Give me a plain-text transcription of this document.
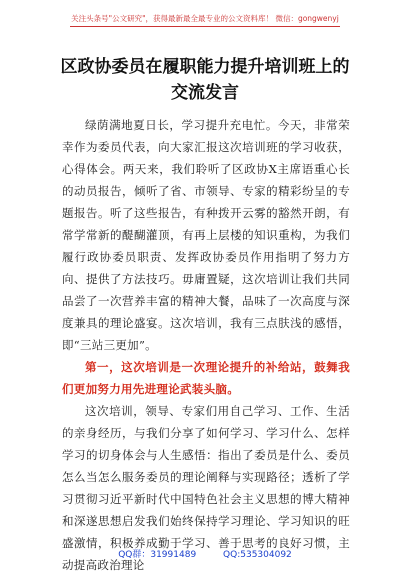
关注头条号"公文研究"，获得最新最全最专业的公文资料库！ 微信：gongwenyj
区政协委员在履职能力提升培训班上的交流发言

绿荫满地夏日长，学习提升充电忙。今天，非常荣幸作为委员代表，向大家汇报这次培训班的学习收获，心得体会。两天来，我们聆听了区政协X主席语重心长的动员报告，倾听了省、市领导、专家的精彩纷呈的专题报告。听了这些报告，有种拨开云雾的豁然开朗，有常学常新的醍醐灌顶，有再上层楼的知识重构，为我们履行政协委员职责、发挥政协委员作用指明了努力方向、提供了方法技巧。毋庸置疑，这次培训让我们共同品尝了一次营养丰富的精神大餐，品味了一次高度与深度兼具的理论盛宴。这次培训，我有三点肤浅的感悟，即“三站三更加”。

第一，这次培训是一次理论提升的补给站，鼓舞我们更加努力用先进理论武装头脑。

这次培训，领导、专家们用自己学习、工作、生活的亲身经历，与我们分享了如何学习、学习什么、怎样学习的切身体会与人生感悟：指出了委员是什么、委员怎么当怎么服务委员的理论阐释与实现路径；透析了学习贯彻习近平新时代中国特色社会主义思想的博大精神和深遂思想启发我们始终保持学习理论、学习知识的旺盛激情，积极养成勤于学习、善于思考的良好习惯，主动提高政治理论

QQ群：31991489	QQ:535304092
